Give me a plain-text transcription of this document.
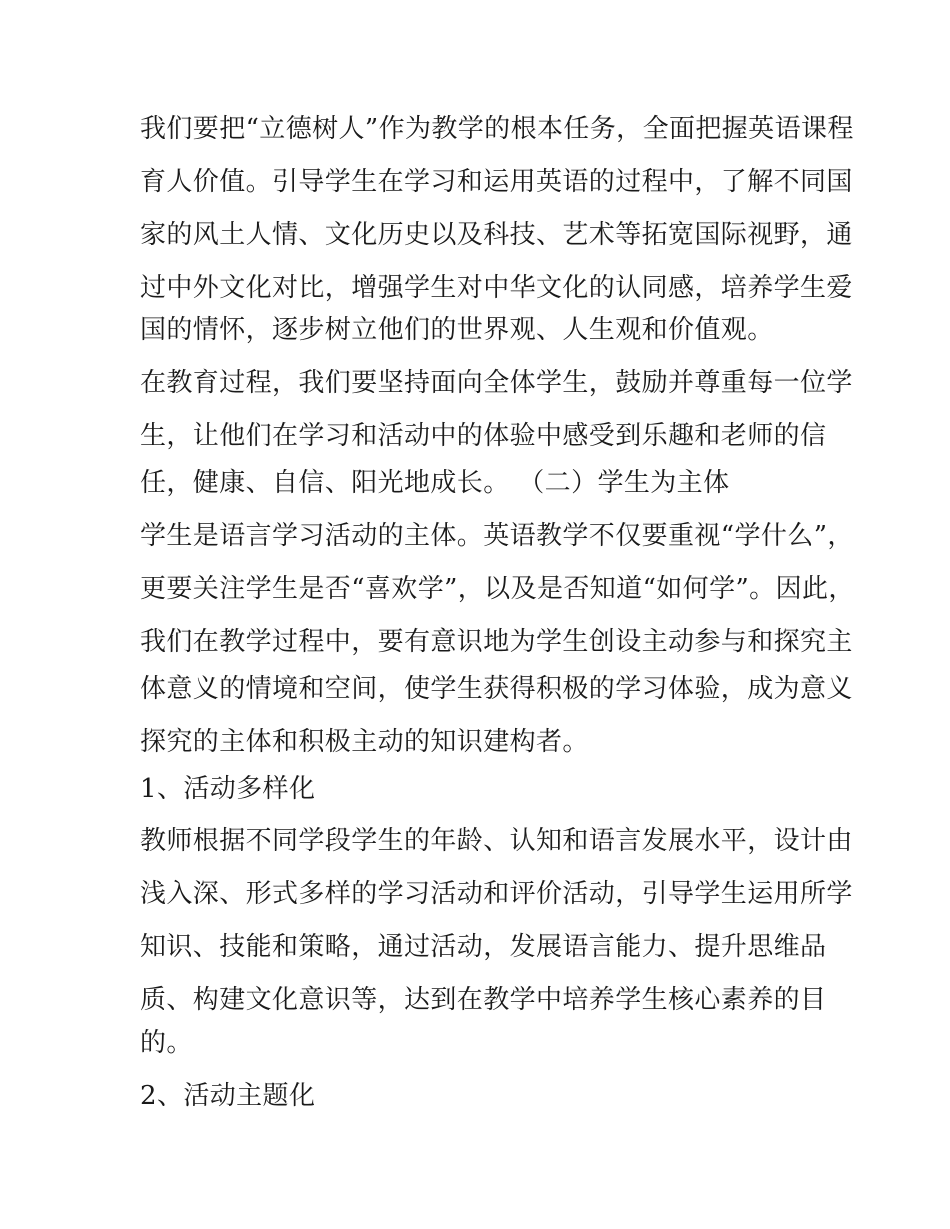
我们要把“立德树人”作为教学的根本任务，全面把握英语课程

育人价值。引导学生在学习和运用英语的过程中，了解不同国

家的风土人情、文化历史以及科技、艺术等拓宽国际视野，通

过中外文化对比，增强学生对中华文化的认同感，培养学生爱

国的情怀，逐步树立他们的世界观、人生观和价值观。

在教育过程，我们要坚持面向全体学生，鼓励并尊重每一位学

生，让他们在学习和活动中的体验中感受到乐趣和老师的信

任，健康、自信、阳光地成长。 （二）学生为主体

学生是语言学习活动的主体。英语教学不仅要重视“学什么”，

更要关注学生是否“喜欢学”，以及是否知道“如何学”。因此，

我们在教学过程中，要有意识地为学生创设主动参与和探究主

体意义的情境和空间，使学生获得积极的学习体验，成为意义

探究的主体和积极主动的知识建构者。

1、活动多样化

教师根据不同学段学生的年龄、认知和语言发展水平，设计由

浅入深、形式多样的学习活动和评价活动，引导学生运用所学

知识、技能和策略，通过活动，发展语言能力、提升思维品

质、构建文化意识等，达到在教学中培养学生核心素养的目

的。

2、活动主题化
